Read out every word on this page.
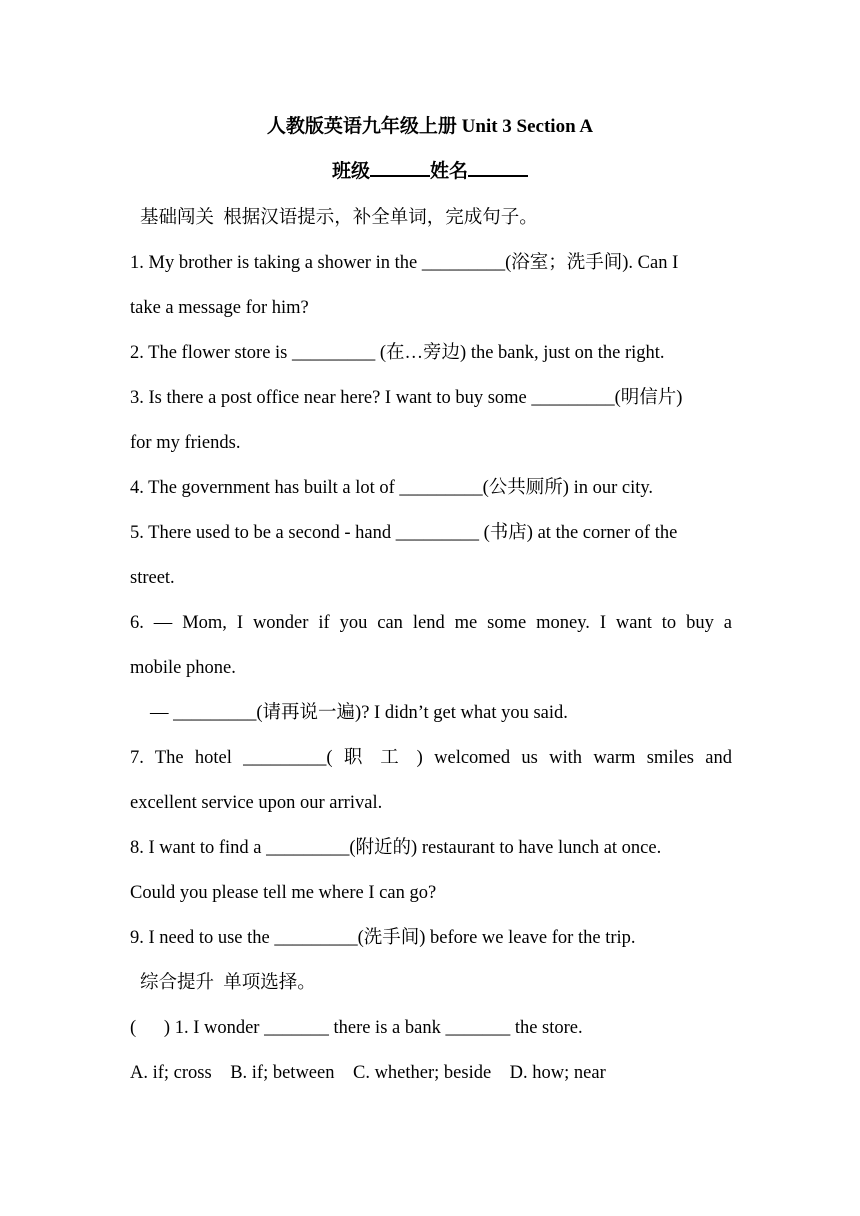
人教版英语九年级上册 Unit 3 Section A
班级	姓名
基础闯关  根据汉语提示，补全单词，完成句子。
1. My brother is taking a shower in the _________(浴室；洗手间). Can I
take a message for him?
2. The flower store is _________ (在…旁边) the bank, just on the right.
3. Is there a post office near here? I want to buy some _________(明信片)
for my friends.
4. The government has built a lot of _________(公共厕所) in our city.
5. There used to be a second - hand _________ (书店) at the corner of the
street.
6. — Mom, I wonder if you can lend me some money. I want to buy a
mobile phone.
— _________(请再说一遍)? I didn’t get what you said.
7. The hotel _________( 职 工 ) welcomed us with warm smiles and
excellent service upon our arrival.
8. I want to find a _________(附近的) restaurant to have lunch at once.
Could you please tell me where I can go?
9. I need to use the _________(洗手间) before we leave for the trip.
综合提升  单项选择。
(      ) 1. I wonder _______ there is a bank _______ the store.
A. if; cross    B. if; between    C. whether; beside    D. how; near
